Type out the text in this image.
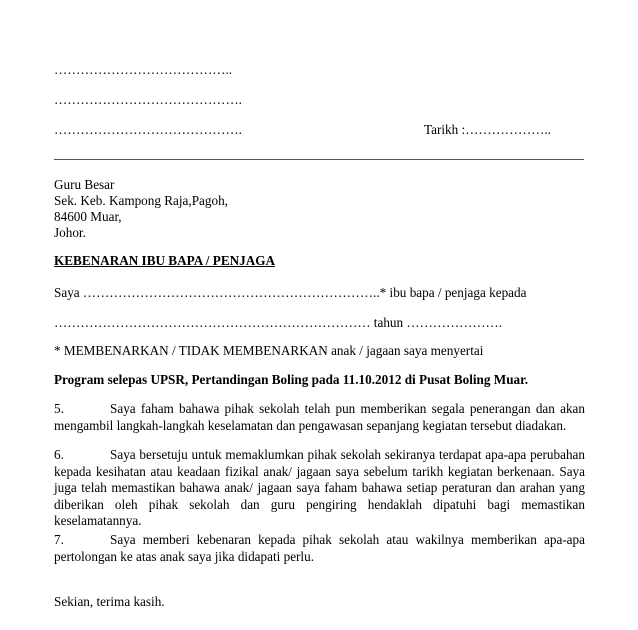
…………………………………..
…………………………………….
…………………………………….	Tarikh :………………..
Guru Besar
Sek. Keb. Kampong Raja,Pagoh,
84600 Muar,
Johor.
KEBENARAN IBU BAPA / PENJAGA
Saya …………………………………………………………..* ibu bapa / penjaga kepada
……………………………………………………………… tahun ………………….
* MEMBENARKAN / TIDAK MEMBENARKAN anak / jagaan saya menyertai
Program selepas UPSR, Pertandingan Boling pada 11.10.2012 di Pusat Boling Muar.
5.	Saya faham bahawa pihak sekolah telah pun memberikan segala penerangan dan akan mengambil langkah-langkah keselamatan dan pengawasan sepanjang kegiatan tersebut diadakan.
6.	Saya bersetuju untuk memaklumkan pihak sekolah sekiranya terdapat apa-apa perubahan kepada kesihatan atau keadaan fizikal anak/ jagaan saya sebelum tarikh kegiatan berkenaan. Saya juga telah memastikan bahawa anak/ jagaan saya faham bahawa setiap peraturan dan arahan yang diberikan oleh pihak sekolah dan guru pengiring hendaklah dipatuhi bagi memastikan keselamatannya.
7.	Saya memberi kebenaran kepada pihak sekolah atau wakilnya memberikan apa-apa pertolongan ke atas anak saya jika didapati perlu.
Sekian, terima kasih.
